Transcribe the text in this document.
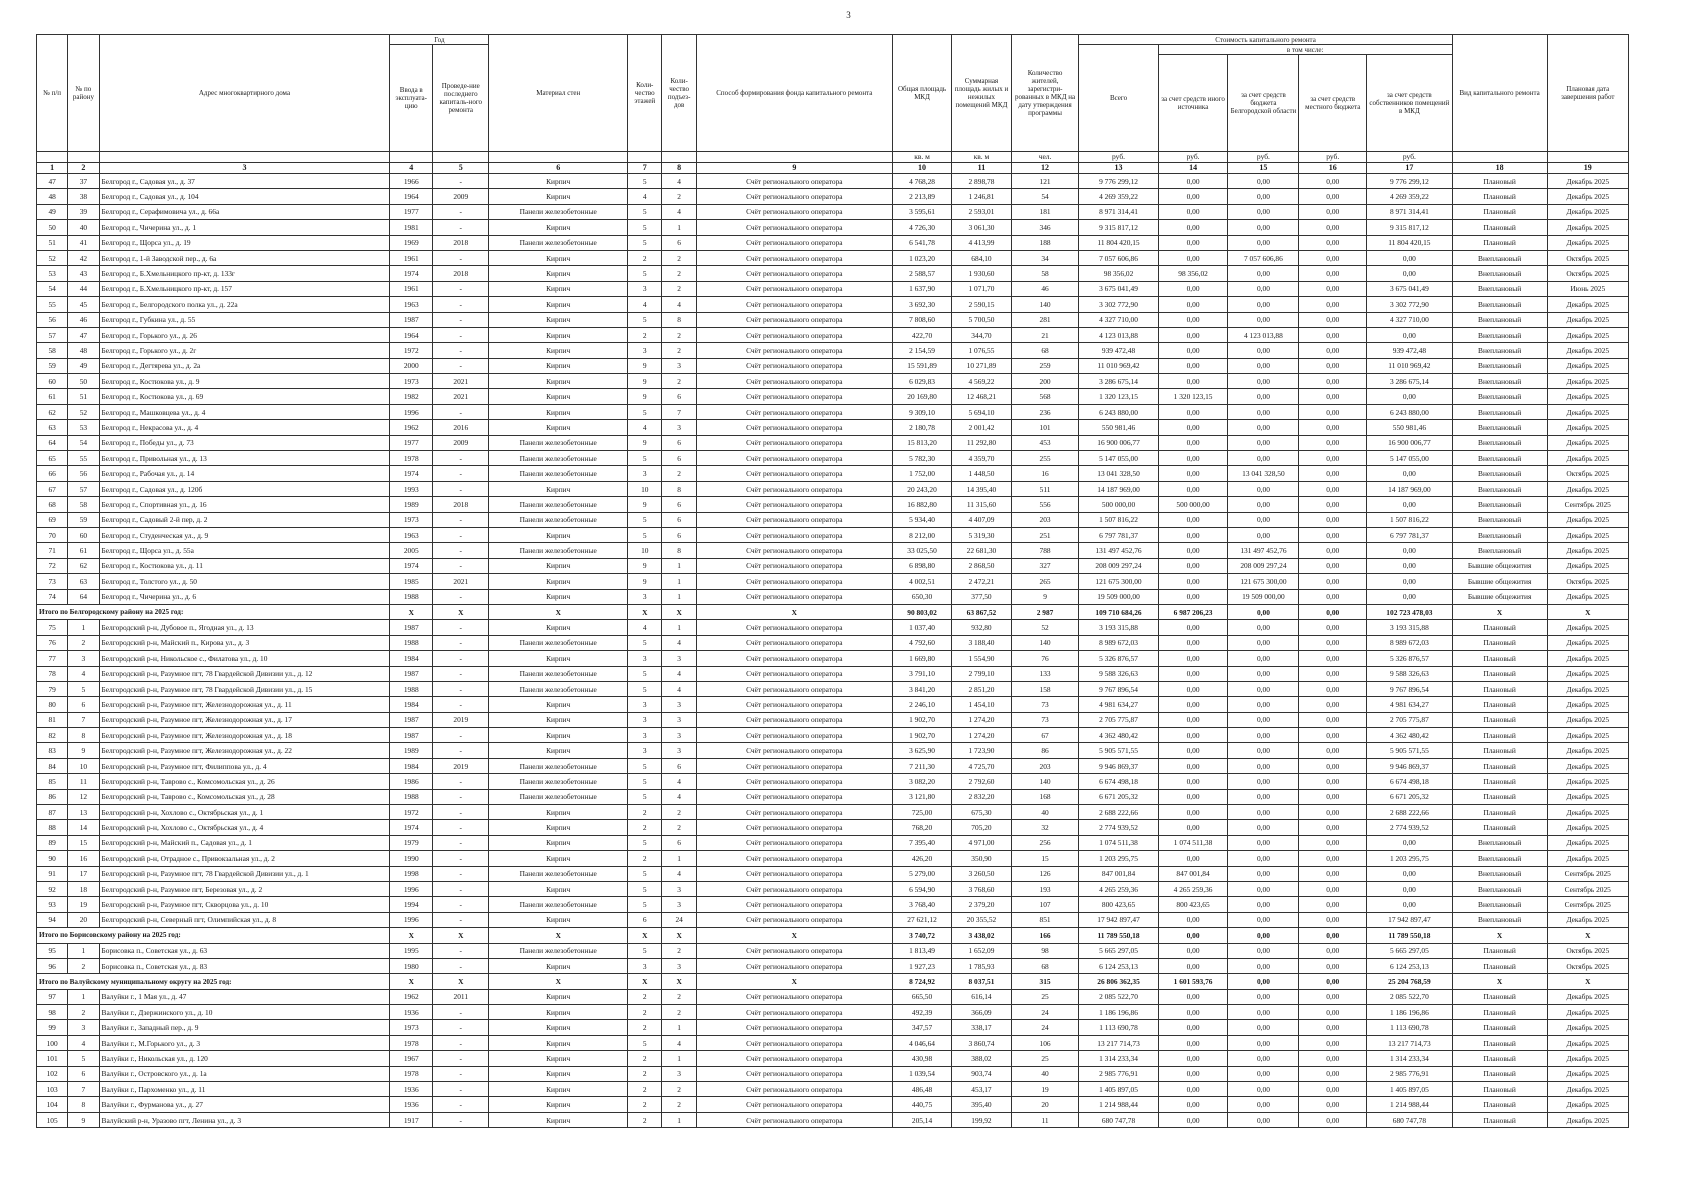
3
№ п/п	№ по району	Адрес многоквартирного дома	Год		Материал стен	Коли-чество этажей	Коли-чество подъез-дов	Способ формирования фонда капитального ремонта	Общая площадь МКД	Суммарная площадь жилых и нежилых помещений МКД	Количество жителей, зарегистри-рованных в МКД на дату утверждения программы	Стоимость капитального ремонта					Вид капитального ремонта	Плановая дата завершения работ
			Ввода в эксплуата-цию	Проведе-ние последнего капиталь-ного ремонта								Всего	в том числе:					
													за счет средств иного источника	за счет средств бюджета Белгородской области	за счет средств местного бюджета	за счет средств собственников помещений в МКД		
									кв. м	кв. м	чел.	руб.	руб.	руб.	руб.	руб.		
1	2	3	4	5	6	7	8	9	10	11	12	13	14	15	16	17	18	19
47	37	Белгород г., Садовая ул., д. 37	1966	-	Кирпич	5	4	Счёт регионального оператора	4 768,28	2 898,78	121	9 776 299,12	0,00	0,00	0,00	9 776 299,12	Плановый	Декабрь 2025
48	38	Белгород г., Садовая ул., д. 104	1964	2009	Кирпич	4	2	Счёт регионального оператора	2 213,89	1 246,81	54	4 269 359,22	0,00	0,00	0,00	4 269 359,22	Плановый	Декабрь 2025
49	39	Белгород г., Серафимовича ул., д. 66а	1977	-	Панели железобетонные	5	4	Счёт регионального оператора	3 595,61	2 593,01	181	8 971 314,41	0,00	0,00	0,00	8 971 314,41	Плановый	Декабрь 2025
50	40	Белгород г., Чичерина ул., д. 1	1981	-	Кирпич	5	1	Счёт регионального оператора	4 726,30	3 061,30	346	9 315 817,12	0,00	0,00	0,00	9 315 817,12	Плановый	Декабрь 2025
51	41	Белгород г., Щорса ул., д. 19	1969	2018	Панели железобетонные	5	6	Счёт регионального оператора	6 541,78	4 413,99	188	11 804 420,15	0,00	0,00	0,00	11 804 420,15	Плановый	Декабрь 2025
52	42	Белгород г., 1-й Заводской пер., д. 6а	1961	-	Кирпич	2	2	Счёт регионального оператора	1 023,20	684,10	34	7 057 606,86	0,00	7 057 606,86	0,00	0,00	Внеплановый	Октябрь 2025
53	43	Белгород г., Б.Хмельницкого пр-кт, д. 133г	1974	2018	Кирпич	5	2	Счёт регионального оператора	2 588,57	1 930,60	58	98 356,02	98 356,02	0,00	0,00	0,00	Внеплановый	Октябрь 2025
54	44	Белгород г., Б.Хмельницкого пр-кт, д. 157	1961	-	Кирпич	3	2	Счёт регионального оператора	1 637,90	1 071,70	46	3 675 041,49	0,00	0,00	0,00	3 675 041,49	Внеплановый	Июнь 2025
55	45	Белгород г., Белгородского полка ул., д. 22а	1963	-	Кирпич	4	4	Счёт регионального оператора	3 692,30	2 590,15	140	3 302 772,90	0,00	0,00	0,00	3 302 772,90	Внеплановый	Декабрь 2025
56	46	Белгород г., Губкина ул., д. 55	1987	-	Кирпич	5	8	Счёт регионального оператора	7 808,60	5 700,50	281	4 327 710,00	0,00	0,00	0,00	4 327 710,00	Внеплановый	Декабрь 2025
57	47	Белгород г., Горького ул., д. 26	1964	-	Кирпич	2	2	Счёт регионального оператора	422,70	344,70	21	4 123 013,88	0,00	4 123 013,88	0,00	0,00	Внеплановый	Декабрь 2025
58	48	Белгород г., Горького ул., д. 2г	1972	-	Кирпич	3	2	Счёт регионального оператора	2 154,59	1 076,55	68	939 472,48	0,00	0,00	0,00	939 472,48	Внеплановый	Декабрь 2025
59	49	Белгород г., Дегтярева ул., д. 2а	2000	-	Кирпич	9	3	Счёт регионального оператора	15 591,89	10 271,89	259	11 010 969,42	0,00	0,00	0,00	11 010 969,42	Внеплановый	Декабрь 2025
60	50	Белгород г., Костюкова ул., д. 9	1973	2021	Кирпич	9	2	Счёт регионального оператора	6 029,83	4 569,22	200	3 286 675,14	0,00	0,00	0,00	3 286 675,14	Внеплановый	Декабрь 2025
61	51	Белгород г., Костюкова ул., д. 69	1982	2021	Кирпич	9	6	Счёт регионального оператора	20 169,80	12 468,21	568	1 320 123,15	1 320 123,15	0,00	0,00	0,00	Внеплановый	Декабрь 2025
62	52	Белгород г., Машковцева ул., д. 4	1996	-	Кирпич	5	7	Счёт регионального оператора	9 309,10	5 694,10	236	6 243 880,00	0,00	0,00	0,00	6 243 880,00	Внеплановый	Декабрь 2025
63	53	Белгород г., Некрасова ул., д. 4	1962	2016	Кирпич	4	3	Счёт регионального оператора	2 180,78	2 001,42	101	550 981,46	0,00	0,00	0,00	550 981,46	Внеплановый	Декабрь 2025
64	54	Белгород г., Победы ул., д. 73	1977	2009	Панели железобетонные	9	6	Счёт регионального оператора	15 813,20	11 292,80	453	16 900 006,77	0,00	0,00	0,00	16 900 006,77	Внеплановый	Декабрь 2025
65	55	Белгород г., Привольная ул., д. 13	1978	-	Панели железобетонные	5	6	Счёт регионального оператора	5 782,30	4 359,70	255	5 147 055,00	0,00	0,00	0,00	5 147 055,00	Внеплановый	Декабрь 2025
66	56	Белгород г., Рабочая ул., д. 14	1974	-	Панели железобетонные	3	2	Счёт регионального оператора	1 752,00	1 448,50	16	13 041 328,50	0,00	13 041 328,50	0,00	0,00	Внеплановый	Октябрь 2025
67	57	Белгород г., Садовая ул., д. 120б	1993	-	Кирпич	10	8	Счёт регионального оператора	20 243,20	14 395,40	511	14 187 969,00	0,00	0,00	0,00	14 187 969,00	Внеплановый	Декабрь 2025
68	58	Белгород г., Спортивная ул., д. 16	1989	2018	Панели железобетонные	9	6	Счёт регионального оператора	16 882,80	11 315,60	556	500 000,00	500 000,00	0,00	0,00	0,00	Внеплановый	Сентябрь 2025
69	59	Белгород г., Садовый 2-й пер, д. 2	1973	-	Панели железобетонные	5	6	Счёт регионального оператора	5 934,40	4 407,09	203	1 507 816,22	0,00	0,00	0,00	1 507 816,22	Внеплановый	Декабрь 2025
70	60	Белгород г., Студенческая ул., д. 9	1963	-	Кирпич	5	6	Счёт регионального оператора	8 212,00	5 319,30	251	6 797 781,37	0,00	0,00	0,00	6 797 781,37	Внеплановый	Декабрь 2025
71	61	Белгород г., Щорса ул., д. 55а	2005	-	Панели железобетонные	10	8	Счёт регионального оператора	33 025,50	22 681,30	788	131 497 452,76	0,00	131 497 452,76	0,00	0,00	Внеплановый	Декабрь 2025
72	62	Белгород г., Костюкова ул., д. 11	1974	-	Кирпич	9	1	Счёт регионального оператора	6 898,80	2 868,50	327	208 009 297,24	0,00	208 009 297,24	0,00	0,00	Бывшие общежития	Декабрь 2025
73	63	Белгород г., Толстого ул., д. 50	1985	2021	Кирпич	9	1	Счёт регионального оператора	4 002,51	2 472,21	265	121 675 300,00	0,00	121 675 300,00	0,00	0,00	Бывшие общежития	Октябрь 2025
74	64	Белгород г., Чичерина ул., д. 6	1988	-	Кирпич	3	1	Счёт регионального оператора	650,30	377,50	9	19 509 000,00	0,00	19 509 000,00	0,00	0,00	Бывшие общежития	Декабрь 2025
Итого по Белгородскому району на 2025 год:			X	X	X	X	X	X	90 803,02	63 867,52	2 987	109 710 684,26	6 987 206,23	0,00	0,00	102 723 478,03	X	X
75	1	Белгородский р-н, Дубовое п., Ягодная ул., д. 13	1987	-	Кирпич	4	1	Счёт регионального оператора	1 037,40	932,80	52	3 193 315,88	0,00	0,00	0,00	3 193 315,88	Плановый	Декабрь 2025
76	2	Белгородский р-н, Майский п., Кирова ул., д. 3	1988	-	Панели железобетонные	5	4	Счёт регионального оператора	4 792,60	3 188,40	140	8 989 672,03	0,00	0,00	0,00	8 989 672,03	Плановый	Декабрь 2025
77	3	Белгородский р-н, Никольское с., Филатова ул., д. 10	1984	-	Кирпич	3	3	Счёт регионального оператора	1 669,80	1 554,90	76	5 326 876,57	0,00	0,00	0,00	5 326 876,57	Плановый	Декабрь 2025
78	4	Белгородский р-н, Разумное пгт, 78 Гвардейской Дивизии ул., д. 12	1987	-	Панели железобетонные	5	4	Счёт регионального оператора	3 791,10	2 799,10	133	9 588 326,63	0,00	0,00	0,00	9 588 326,63	Плановый	Декабрь 2025
79	5	Белгородский р-н, Разумное пгт, 78 Гвардейской Дивизии ул., д. 15	1988	-	Панели железобетонные	5	4	Счёт регионального оператора	3 841,20	2 851,20	158	9 767 896,54	0,00	0,00	0,00	9 767 896,54	Плановый	Декабрь 2025
80	6	Белгородский р-н, Разумное пгт, Железнодорожная ул., д. 11	1984	-	Кирпич	3	3	Счёт регионального оператора	2 246,10	1 454,10	73	4 981 634,27	0,00	0,00	0,00	4 981 634,27	Плановый	Декабрь 2025
81	7	Белгородский р-н, Разумное пгт, Железнодорожная ул., д. 17	1987	2019	Кирпич	3	3	Счёт регионального оператора	1 902,70	1 274,20	73	2 705 775,87	0,00	0,00	0,00	2 705 775,87	Плановый	Декабрь 2025
82	8	Белгородский р-н, Разумное пгт, Железнодорожная ул., д. 18	1987	-	Кирпич	3	3	Счёт регионального оператора	1 902,70	1 274,20	67	4 362 480,42	0,00	0,00	0,00	4 362 480,42	Плановый	Декабрь 2025
83	9	Белгородский р-н, Разумное пгт, Железнодорожная ул., д. 22	1989	-	Кирпич	3	3	Счёт регионального оператора	3 625,90	1 723,90	86	5 905 571,55	0,00	0,00	0,00	5 905 571,55	Плановый	Декабрь 2025
84	10	Белгородский р-н, Разумное пгт, Филиппова ул., д. 4	1984	2019	Панели железобетонные	5	6	Счёт регионального оператора	7 211,30	4 725,70	203	9 946 869,37	0,00	0,00	0,00	9 946 869,37	Плановый	Декабрь 2025
85	11	Белгородский р-н, Таврово с., Комсомольская ул., д. 26	1986	-	Панели железобетонные	5	4	Счёт регионального оператора	3 082,20	2 792,60	140	6 674 498,18	0,00	0,00	0,00	6 674 498,18	Плановый	Декабрь 2025
86	12	Белгородский р-н, Таврово с., Комсомольская ул., д. 28	1988	-	Панели железобетонные	5	4	Счёт регионального оператора	3 121,80	2 832,20	168	6 671 205,32	0,00	0,00	0,00	6 671 205,32	Плановый	Декабрь 2025
87	13	Белгородский р-н, Хохлово с., Октябрьская ул., д. 1	1972	-	Кирпич	2	2	Счёт регионального оператора	725,00	675,30	40	2 688 222,66	0,00	0,00	0,00	2 688 222,66	Плановый	Декабрь 2025
88	14	Белгородский р-н, Хохлово с., Октябрьская ул., д. 4	1974	-	Кирпич	2	2	Счёт регионального оператора	768,20	705,20	32	2 774 939,52	0,00	0,00	0,00	2 774 939,52	Плановый	Декабрь 2025
89	15	Белгородский р-н, Майский п., Садовая ул., д. 1	1979	-	Кирпич	5	6	Счёт регионального оператора	7 395,40	4 971,00	256	1 074 511,38	1 074 511,38	0,00	0,00	0,00	Внеплановый	Декабрь 2025
90	16	Белгородский р-н, Отрадное с., Привокзальная ул., д. 2	1990	-	Кирпич	2	1	Счёт регионального оператора	426,20	350,90	15	1 203 295,75	0,00	0,00	0,00	1 203 295,75	Внеплановый	Декабрь 2025
91	17	Белгородский р-н, Разумное пгт, 78 Гвардейской Дивизии ул., д. 1	1998	-	Панели железобетонные	5	4	Счёт регионального оператора	5 279,00	3 260,50	126	847 001,84	847 001,84	0,00	0,00	0,00	Внеплановый	Сентябрь 2025
92	18	Белгородский р-н, Разумное пгт, Березовая ул., д. 2	1996	-	Кирпич	5	3	Счёт регионального оператора	6 594,90	3 768,60	193	4 265 259,36	4 265 259,36	0,00	0,00	0,00	Внеплановый	Сентябрь 2025
93	19	Белгородский р-н, Разумное пгт, Скворцова ул., д. 10	1994	-	Панели железобетонные	5	3	Счёт регионального оператора	3 768,40	2 379,20	107	800 423,65	800 423,65	0,00	0,00	0,00	Внеплановый	Сентябрь 2025
94	20	Белгородский р-н, Северный пгт, Олимпийская ул., д. 8	1996	-	Кирпич	6	24	Счёт регионального оператора	27 621,12	20 355,52	851	17 942 897,47	0,00	0,00	0,00	17 942 897,47	Внеплановый	Декабрь 2025
Итого по Борисовскому району на 2025 год:			X	X	X	X	X	X	3 740,72	3 438,02	166	11 789 550,18	0,00	0,00	0,00	11 789 550,18	X	X
95	1	Борисовка п., Советская ул., д. 63	1995	-	Панели железобетонные	5	2	Счёт регионального оператора	1 813,49	1 652,09	98	5 665 297,05	0,00	0,00	0,00	5 665 297,05	Плановый	Октябрь 2025
96	2	Борисовка п., Советская ул., д. 83	1980	-	Кирпич	3	3	Счёт регионального оператора	1 927,23	1 785,93	68	6 124 253,13	0,00	0,00	0,00	6 124 253,13	Плановый	Октябрь 2025
Итого по Валуйскому муниципальному округу на 2025 год:			X	X	X	X	X	X	8 724,92	8 037,51	315	26 806 362,35	1 601 593,76	0,00	0,00	25 204 768,59	X	X
97	1	Валуйки г., 1 Мая ул., д. 47	1962	2011	Кирпич	2	2	Счёт регионального оператора	665,50	616,14	25	2 085 522,70	0,00	0,00	0,00	2 085 522,70	Плановый	Декабрь 2025
98	2	Валуйки г., Дзержинского ул., д. 10	1936	-	Кирпич	2	2	Счёт регионального оператора	492,39	366,09	24	1 186 196,86	0,00	0,00	0,00	1 186 196,86	Плановый	Декабрь 2025
99	3	Валуйки г., Западный пер., д. 9	1973	-	Кирпич	2	1	Счёт регионального оператора	347,57	338,17	24	1 113 690,78	0,00	0,00	0,00	1 113 690,78	Плановый	Декабрь 2025
100	4	Валуйки г., М.Горького ул., д. 3	1978	-	Кирпич	5	4	Счёт регионального оператора	4 046,64	3 860,74	106	13 217 714,73	0,00	0,00	0,00	13 217 714,73	Плановый	Декабрь 2025
101	5	Валуйки г., Никольская ул., д. 120	1967	-	Кирпич	2	1	Счёт регионального оператора	430,98	388,02	25	1 314 233,34	0,00	0,00	0,00	1 314 233,34	Плановый	Декабрь 2025
102	6	Валуйки г., Островского ул., д. 1а	1978	-	Кирпич	2	3	Счёт регионального оператора	1 039,54	903,74	40	2 985 776,91	0,00	0,00	0,00	2 985 776,91	Плановый	Декабрь 2025
103	7	Валуйки г., Пархоменко ул., д. 11	1936	-	Кирпич	2	2	Счёт регионального оператора	486,48	453,17	19	1 405 897,05	0,00	0,00	0,00	1 405 897,05	Плановый	Декабрь 2025
104	8	Валуйки г., Фурманова ул., д. 27	1936	-	Кирпич	2	2	Счёт регионального оператора	440,75	395,40	20	1 214 988,44	0,00	0,00	0,00	1 214 988,44	Плановый	Декабрь 2025
105	9	Валуйский р-н, Уразово пгт, Ленина ул., д. 3	1917	-	Кирпич	2	1	Счёт регионального оператора	205,14	199,92	11	680 747,78	0,00	0,00	0,00	680 747,78	Плановый	Декабрь 2025
